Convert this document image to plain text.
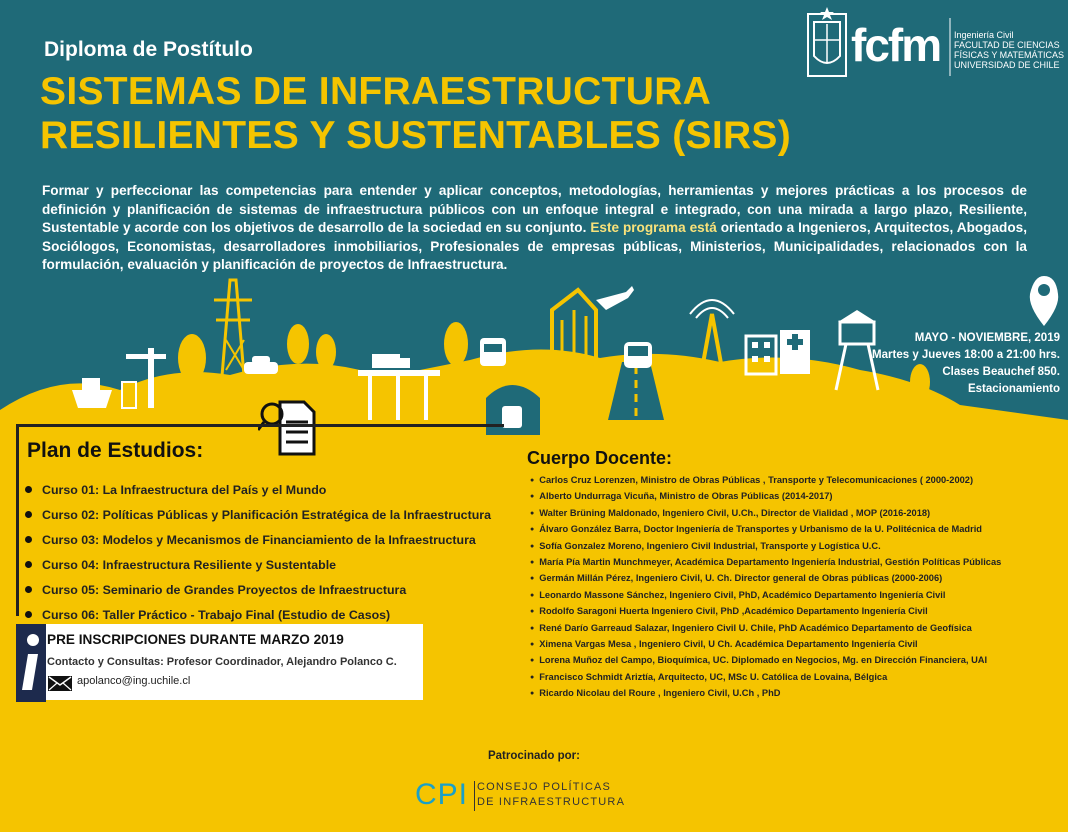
fcfm Ingeniería Civil
FACULTAD DE CIENCIAS
FÍSICAS Y MATEMÁTICAS
UNIVERSIDAD DE CHILE
Diploma de Postítulo
SISTEMAS DE INFRAESTRUCTURA
RESILIENTES Y SUSTENTABLES (SIRS)
Formar y perfeccionar las competencias para entender y aplicar conceptos, metodologías, herramientas y mejores prácticas a los procesos de definición y planificación de sistemas de infraestructura públicos con un enfoque integral e integrado, con una mirada a largo plazo, Resiliente, Sustentable y acorde con los objetivos de desarrollo de la sociedad en su conjunto. Este programa está orientado a Ingenieros, Arquitectos, Abogados, Sociólogos, Economistas, desarrolladores inmobiliarios, Profesionales de empresas públicas, Ministerios, Municipalidades, relacionados con la formulación, evaluación y planificación de proyectos de Infraestructura.
MAYO - NOVIEMBRE, 2019
Martes y Jueves 18:00 a 21:00 hrs.
Clases Beauchef 850.
Estacionamiento
Plan de Estudios:
Curso 01: La Infraestructura del País y el Mundo
Curso 02: Políticas Públicas y Planificación Estratégica de la Infraestructura
Curso 03: Modelos y Mecanismos de Financiamiento de la Infraestructura
Curso 04: Infraestructura Resiliente y Sustentable
Curso 05: Seminario de Grandes Proyectos de Infraestructura
Curso 06: Taller Práctico - Trabajo Final (Estudio de Casos)
Cuerpo Docente:
● Carlos Cruz Lorenzen, Ministro de Obras Públicas , Transporte y Telecomunicaciones ( 2000-2002)
● Alberto Undurraga Vicuña, Ministro de Obras Públicas (2014-2017)
● Walter Brüning Maldonado, Ingeniero Civil, U.Ch., Director de Vialidad , MOP (2016-2018)
● Álvaro González Barra, Doctor Ingeniería de Transportes y Urbanismo de la U. Politécnica de Madrid
● Sofía Gonzalez Moreno, Ingeniero Civil Industrial, Transporte y Logística U.C.
● María Pía Martin Munchmeyer, Académica Departamento Ingeniería Industrial, Gestión Políticas Públicas
● Germán Millán Pérez, Ingeniero Civil, U. Ch. Director general de Obras públicas (2000-2006)
● Leonardo Massone Sánchez, Ingeniero Civil, PhD, Académico Departamento Ingeniería Civil
● Rodolfo Saragoni Huerta Ingeniero Civil, PhD ,Académico Departamento Ingeniería Civil
● René Darío Garreaud Salazar, Ingeniero Civil U. Chile, PhD Académico Departamento de Geofísica
● Ximena Vargas Mesa , Ingeniero Civil, U Ch. Académica Departamento Ingeniería Civil
● Lorena Muñoz del Campo, Bioquímica, UC. Diplomado en Negocios, Mg. en Dirección Financiera, UAI
● Francisco Schmidt Ariztía, Arquitecto, UC, MSc U. Católica de Lovaina, Bélgica
● Ricardo Nicolau del Roure , Ingeniero Civil, U.Ch , PhD
PRE INSCRIPCIONES DURANTE MARZO 2019
Contacto y Consultas: Profesor Coordinador, Alejandro Polanco C.
apolanco@ing.uchile.cl
Patrocinado por:
CPI CONSEJO POLÍTICAS
DE INFRAESTRUCTURA
